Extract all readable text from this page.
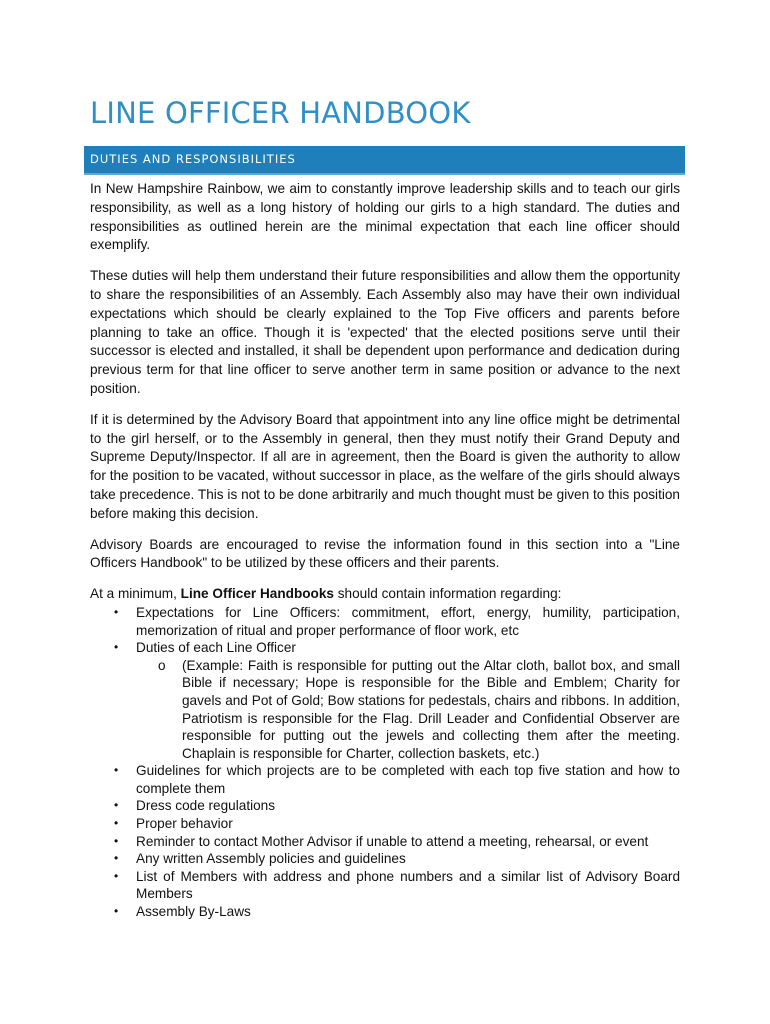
LINE OFFICER HANDBOOK
DUTIES AND RESPONSIBILITIES

In New Hampshire Rainbow, we aim to constantly improve leadership skills and to teach our girls responsibility, as well as a long history of holding our girls to a high standard. The duties and responsibilities as outlined herein are the minimal expectation that each line officer should exemplify.

These duties will help them understand their future responsibilities and allow them the opportunity to share the responsibilities of an Assembly. Each Assembly also may have their own individual expectations which should be clearly explained to the Top Five officers and parents before planning to take an office. Though it is 'expected' that the elected positions serve until their successor is elected and installed, it shall be dependent upon performance and dedication during previous term for that line officer to serve another term in same position or advance to the next position.

If it is determined by the Advisory Board that appointment into any line office might be detrimental to the girl herself, or to the Assembly in general, then they must notify their Grand Deputy and Supreme Deputy/Inspector. If all are in agreement, then the Board is given the authority to allow for the position to be vacated, without successor in place, as the welfare of the girls should always take precedence. This is not to be done arbitrarily and much thought must be given to this position before making this decision.

Advisory Boards are encouraged to revise the information found in this section into a "Line Officers Handbook" to be utilized by these officers and their parents.

At a minimum, Line Officer Handbooks should contain information regarding:
• Expectations for Line Officers: commitment, effort, energy, humility, participation, memorization of ritual and proper performance of floor work, etc
• Duties of each Line Officer
o (Example: Faith is responsible for putting out the Altar cloth, ballot box, and small Bible if necessary; Hope is responsible for the Bible and Emblem; Charity for gavels and Pot of Gold; Bow stations for pedestals, chairs and ribbons. In addition, Patriotism is responsible for the Flag. Drill Leader and Confidential Observer are responsible for putting out the jewels and collecting them after the meeting. Chaplain is responsible for Charter, collection baskets, etc.)
• Guidelines for which projects are to be completed with each top five station and how to complete them
• Dress code regulations
• Proper behavior
• Reminder to contact Mother Advisor if unable to attend a meeting, rehearsal, or event
• Any written Assembly policies and guidelines
• List of Members with address and phone numbers and a similar list of Advisory Board Members
• Assembly By-Laws
